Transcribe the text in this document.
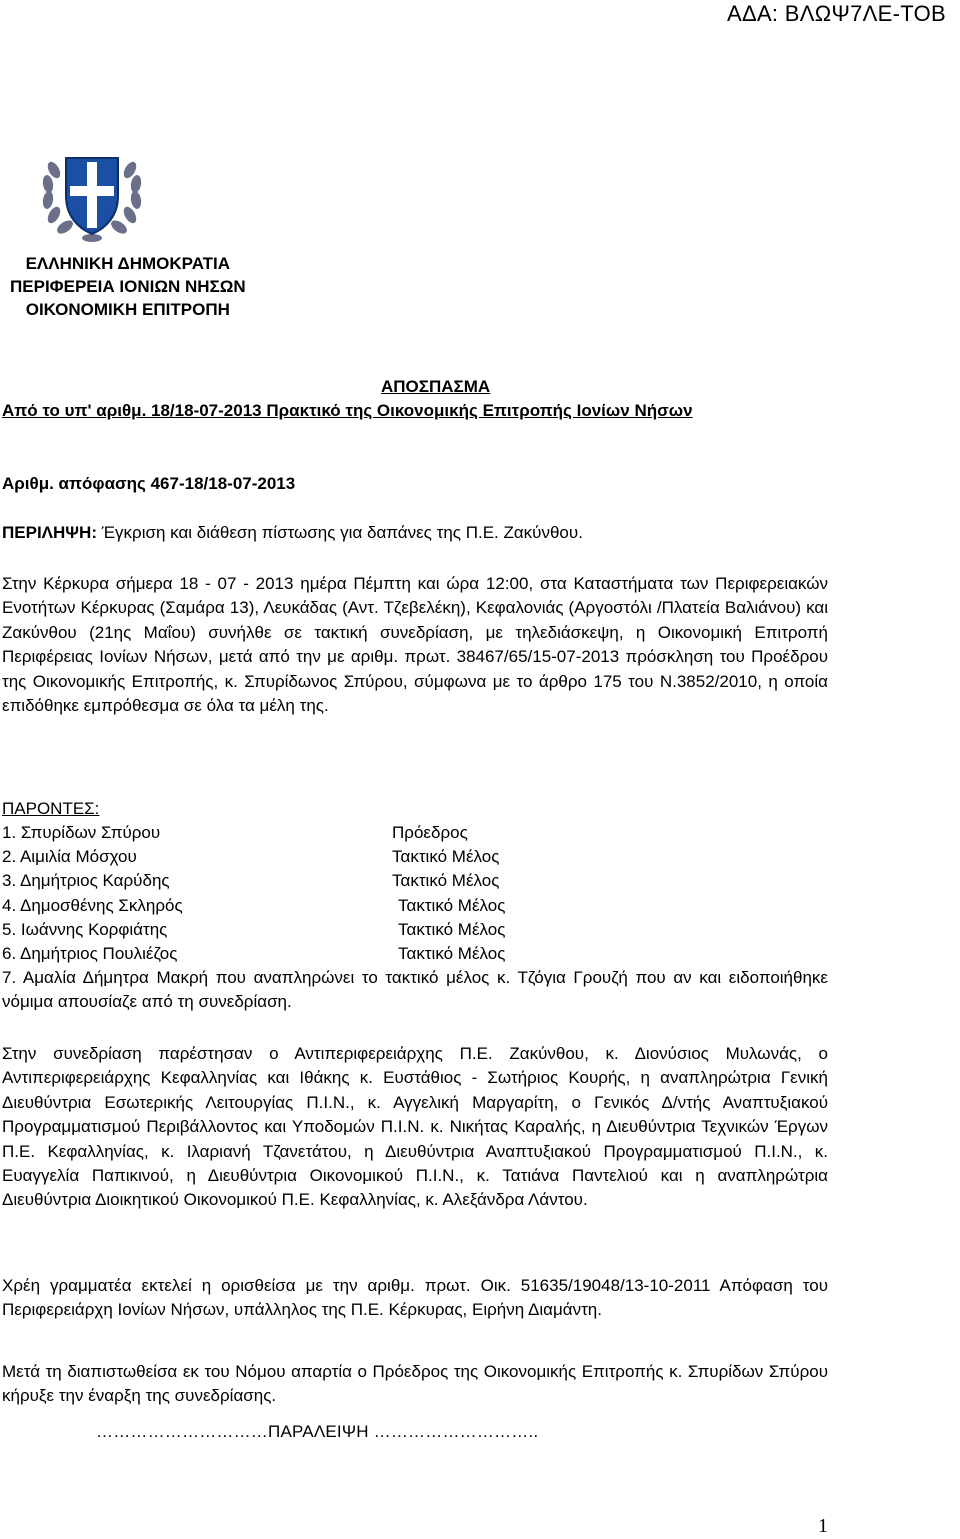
ΑΔΑ: ΒΛΩΨ7ΛΕ-ΤΟΒ
ΕΛΛΗΝΙΚΗ ΔΗΜΟΚΡΑΤΙΑ
ΠΕΡΙΦΕΡΕΙΑ ΙΟΝΙΩΝ ΝΗΣΩΝ
ΟΙΚΟΝΟΜΙΚΗ ΕΠΙΤΡΟΠΗ
ΑΠΟΣΠΑΣΜΑ
Από το υπ' αριθμ. 18/18-07-2013 Πρακτικό της Οικονομικής Επιτροπής Ιονίων Νήσων
Αριθμ. απόφασης 467-18/18-07-2013
ΠΕΡΙΛΗΨΗ: Έγκριση και διάθεση πίστωσης για δαπάνες της Π.Ε. Ζακύνθου.
Στην Κέρκυρα σήμερα 18 - 07 - 2013 ημέρα Πέμπτη και ώρα 12:00, στα Καταστήματα των Περιφερειακών Ενοτήτων Κέρκυρας (Σαμάρα 13), Λευκάδας (Αντ. Τζεβελέκη), Κεφαλονιάς (Αργοστόλι /Πλατεία Βαλιάνου) και Ζακύνθου (21ης Μαΐου) συνήλθε σε τακτική συνεδρίαση, με τηλεδιάσκεψη, η Οικονομική Επιτροπή Περιφέρειας Ιονίων Νήσων, μετά από την με αριθμ. πρωτ. 38467/65/15-07-2013 πρόσκληση του Προέδρου της Οικονομικής Επιτροπής, κ. Σπυρίδωνος Σπύρου, σύμφωνα με το άρθρο 175 του Ν.3852/2010, η οποία επιδόθηκε εμπρόθεσμα σε όλα τα μέλη της.
ΠΑΡΟΝΤΕΣ:
1. Σπυρίδων Σπύρου	Πρόεδρος
2. Αιμιλία Μόσχου	Τακτικό Μέλος
3. Δημήτριος Καρύδης	Τακτικό Μέλος
4. Δημοσθένης Σκληρός	Τακτικό Μέλος
5. Ιωάννης Κορφιάτης	Τακτικό Μέλος
6. Δημήτριος Πουλιέζος	Τακτικό Μέλος
7. Αμαλία Δήμητρα Μακρή που αναπληρώνει το τακτικό μέλος κ. Τζόγια Γρουζή που αν και ειδοποιήθηκε νόμιμα απουσίαζε από τη συνεδρίαση.
Στην συνεδρίαση παρέστησαν ο Αντιπεριφερειάρχης Π.Ε. Ζακύνθου, κ. Διονύσιος Μυλωνάς, ο Αντιπεριφερειάρχης Κεφαλληνίας και Ιθάκης κ. Ευστάθιος - Σωτήριος Κουρής, η αναπληρώτρια Γενική Διευθύντρια Εσωτερικής Λειτουργίας Π.Ι.Ν., κ. Αγγελική Μαργαρίτη, ο Γενικός Δ/ντής Αναπτυξιακού Προγραμματισμού Περιβάλλοντος και Υποδομών Π.Ι.Ν. κ. Νικήτας Καραλής, η Διευθύντρια Τεχνικών Έργων Π.Ε. Κεφαλληνίας, κ. Ιλαριανή Τζανετάτου, η Διευθύντρια Αναπτυξιακού Προγραμματισμού Π.Ι.Ν., κ. Ευαγγελία Παπικινού, η Διευθύντρια Οικονομικού Π.Ι.Ν., κ. Τατιάνα Παντελιού και η αναπληρώτρια Διευθύντρια Διοικητικού Οικονομικού Π.Ε. Κεφαλληνίας, κ. Αλεξάνδρα Λάντου.
Χρέη γραμματέα εκτελεί η ορισθείσα με την αριθμ. πρωτ. Οικ. 51635/19048/13-10-2011 Απόφαση του Περιφερειάρχη Ιονίων Νήσων, υπάλληλος της Π.Ε. Κέρκυρας, Ειρήνη Διαμάντη.
Μετά τη διαπιστωθείσα εκ του Νόμου απαρτία ο Πρόεδρος της Οικονομικής Επιτροπής κ. Σπυρίδων Σπύρου κήρυξε την έναρξη της συνεδρίασης.
…………………………ΠΑΡΑΛΕΙΨΗ ………………………..
1
